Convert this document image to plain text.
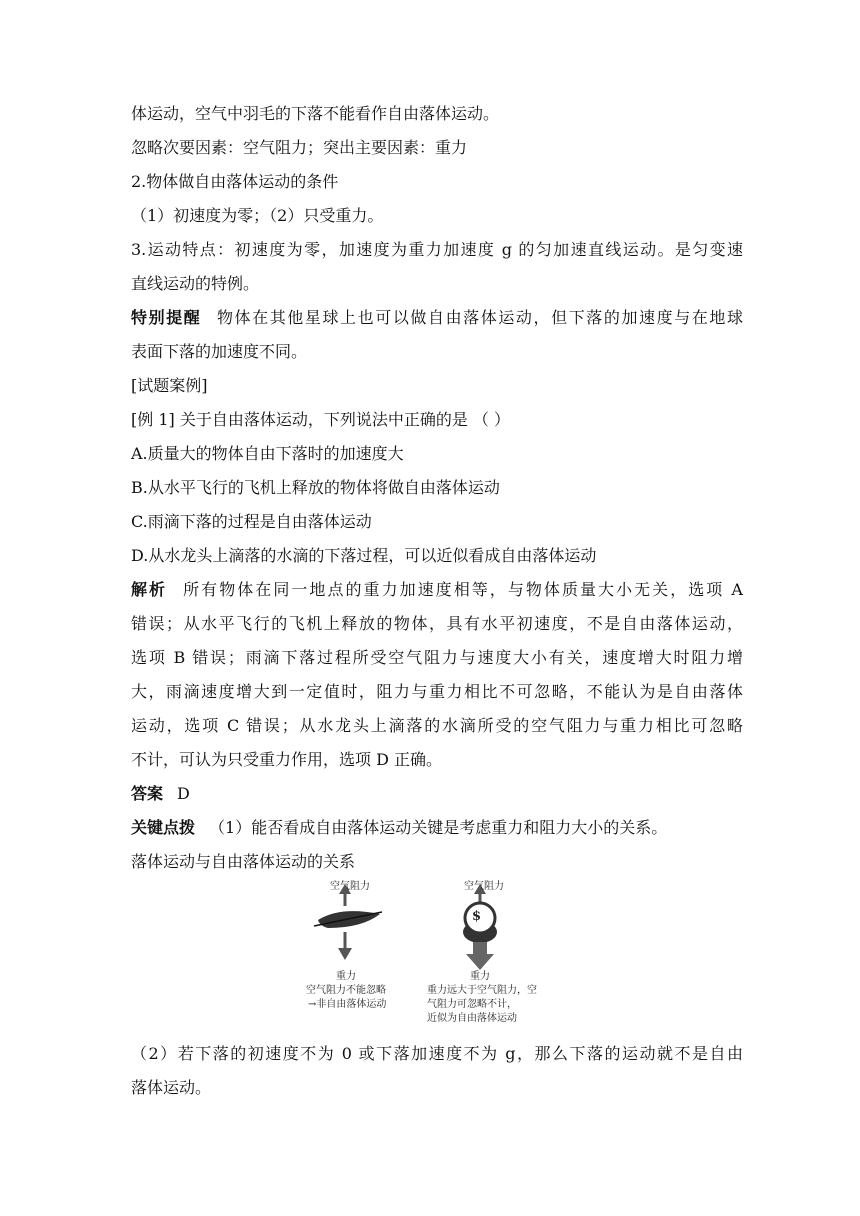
体运动，空气中羽毛的下落不能看作自由落体运动。
忽略次要因素：空气阻力；突出主要因素：重力
2.物体做自由落体运动的条件
（1）初速度为零；（2）只受重力。
3.运动特点：初速度为零，加速度为重力加速度 g 的匀加速直线运动。是匀变速
直线运动的特例。
特别提醒 物体在其他星球上也可以做自由落体运动，但下落的加速度与在地球
表面下落的加速度不同。
[试题案例]
[例 1] 关于自由落体运动，下列说法中正确的是 （ ）
A.质量大的物体自由下落时的加速度大
B.从水平飞行的飞机上释放的物体将做自由落体运动
C.雨滴下落的过程是自由落体运动
D.从水龙头上滴落的水滴的下落过程，可以近似看成自由落体运动
解析 所有物体在同一地点的重力加速度相等，与物体质量大小无关，选项 A
错误；从水平飞行的飞机上释放的物体，具有水平初速度，不是自由落体运动，
选项 B 错误；雨滴下落过程所受空气阻力与速度大小有关，速度增大时阻力增
大，雨滴速度增大到一定值时，阻力与重力相比不可忽略，不能认为是自由落体
运动，选项 C 错误；从水龙头上滴落的水滴所受的空气阻力与重力相比可忽略
不计，可认为只受重力作用，选项 D 正确。
答案 D
关键点拨 （1）能否看成自由落体运动关键是考虑重力和阻力大小的关系。
落体运动与自由落体运动的关系
空气阻力	空气阻力
$
重力	重力
空气阻力不能忽略
→非自由落体运动
重力远大于空气阻力，空
气阻力可忽略不计，
近似为自由落体运动
（2）若下落的初速度不为 0 或下落加速度不为 g，那么下落的运动就不是自由
落体运动。
